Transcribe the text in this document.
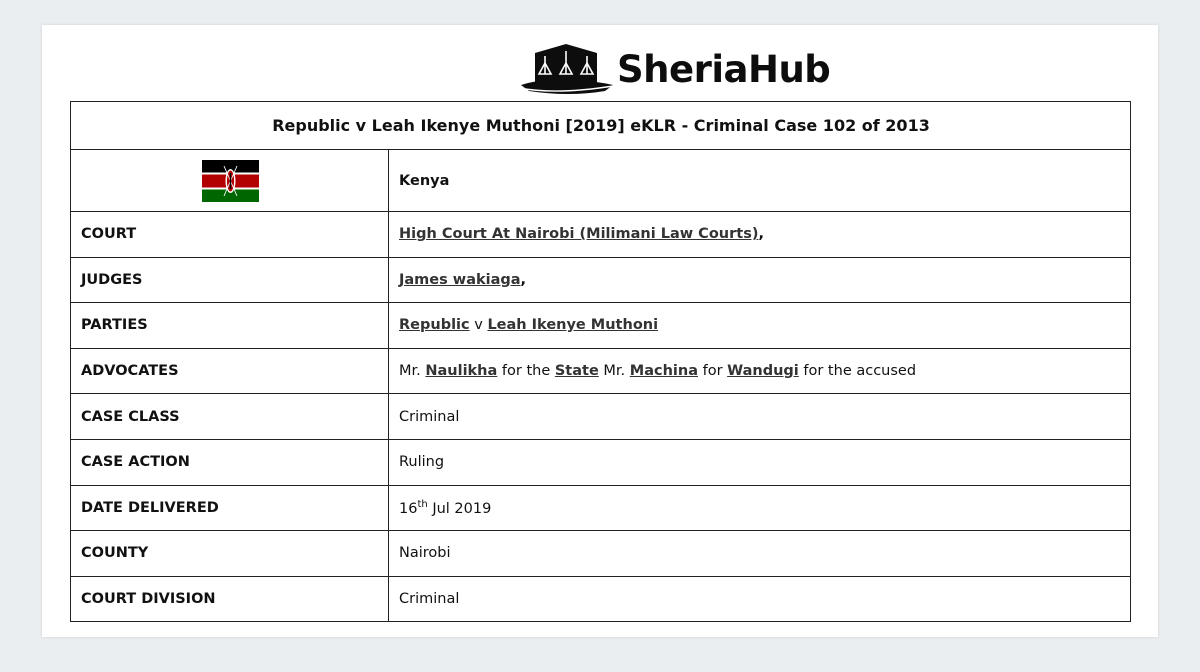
SheriaHub
Republic v Leah Ikenye Muthoni [2019] eKLR - Criminal Case 102 of 2013	
	Kenya
COURT	High Court At Nairobi (Milimani Law Courts),
JUDGES	James wakiaga,
PARTIES	Republic v Leah Ikenye Muthoni
ADVOCATES	Mr. Naulikha for the State Mr. Machina for Wandugi for the accused
CASE CLASS	Criminal
CASE ACTION	Ruling
DATE DELIVERED	16th Jul 2019
COUNTY	Nairobi
COURT DIVISION	Criminal
